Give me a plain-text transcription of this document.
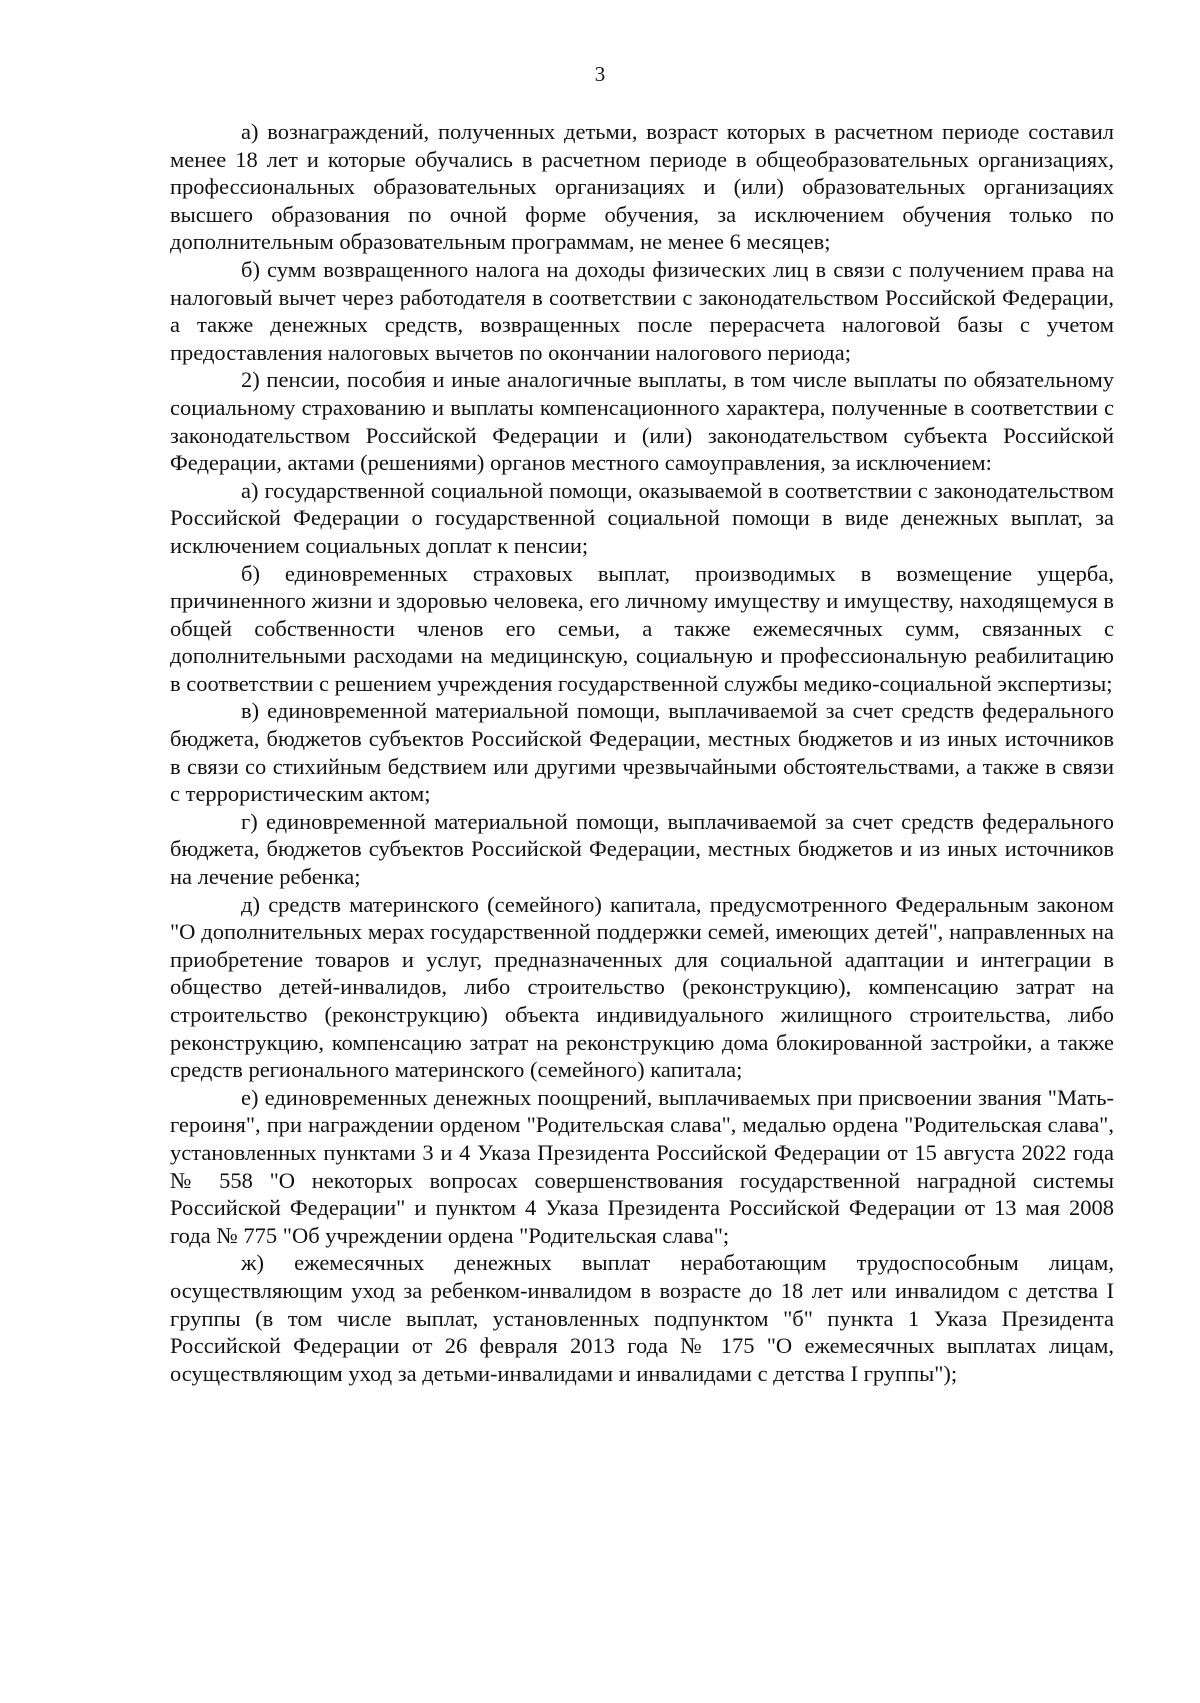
3

а) вознаграждений, полученных детьми, возраст которых в расчетном периоде составил менее 18 лет и которые обучались в расчетном периоде в общеобразовательных организациях, профессиональных образовательных организациях и (или) образовательных организациях высшего образования по очной форме обучения, за исключением обучения только по дополнительным образовательным программам, не менее 6 месяцев;

б) сумм возвращенного налога на доходы физических лиц в связи с получением права на налоговый вычет через работодателя в соответствии с законодательством Российской Федерации, а также денежных средств, возвращенных после перерасчета налоговой базы с учетом предоставления налоговых вычетов по окончании налогового периода;

2) пенсии, пособия и иные аналогичные выплаты, в том числе выплаты по обязательному социальному страхованию и выплаты компенсационного характера, полученные в соответствии с законодательством Российской Федерации и (или) законодательством субъекта Российской Федерации, актами (решениями) органов местного самоуправления, за исключением:

а) государственной социальной помощи, оказываемой в соответствии с законодательством Российской Федерации о государственной социальной помощи в виде денежных выплат, за исключением социальных доплат к пенсии;

б) единовременных страховых выплат, производимых в возмещение ущерба, причиненного жизни и здоровью человека, его личному имуществу и имуществу, находящемуся в общей собственности членов его семьи, а также ежемесячных сумм, связанных с дополнительными расходами на медицинскую, социальную и профессиональную реабилитацию в соответствии с решением учреждения государственной службы медико-социальной экспертизы;

в) единовременной материальной помощи, выплачиваемой за счет средств федерального бюджета, бюджетов субъектов Российской Федерации, местных бюджетов и из иных источников в связи со стихийным бедствием или другими чрезвычайными обстоятельствами, а также в связи с террористическим актом;

г) единовременной материальной помощи, выплачиваемой за счет средств федерального бюджета, бюджетов субъектов Российской Федерации, местных бюджетов и из иных источников на лечение ребенка;

д) средств материнского (семейного) капитала, предусмотренного Федеральным законом "О дополнительных мерах государственной поддержки семей, имеющих детей", направленных на приобретение товаров и услуг, предназначенных для социальной адаптации и интеграции в общество детей-инвалидов, либо строительство (реконструкцию), компенсацию затрат на строительство (реконструкцию) объекта индивидуального жилищного строительства, либо реконструкцию, компенсацию затрат на реконструкцию дома блокированной застройки, а также средств регионального материнского (семейного) капитала;

е) единовременных денежных поощрений, выплачиваемых при присвоении звания "Мать-героиня", при награждении орденом "Родительская слава", медалью ордена "Родительская слава", установленных пунктами 3 и 4 Указа Президента Российской Федерации от 15 августа 2022 года № 558 "О некоторых вопросах совершенствования государственной наградной системы Российской Федерации" и пунктом 4 Указа Президента Российской Федерации от 13 мая 2008 года № 775 "Об учреждении ордена "Родительская слава";

ж) ежемесячных денежных выплат неработающим трудоспособным лицам, осуществляющим уход за ребенком-инвалидом в возрасте до 18 лет или инвалидом с детства I группы (в том числе выплат, установленных подпунктом "б" пункта 1 Указа Президента Российской Федерации от 26 февраля 2013 года № 175 "О ежемесячных выплатах лицам, осуществляющим уход за детьми-инвалидами и инвалидами с детства I группы");
